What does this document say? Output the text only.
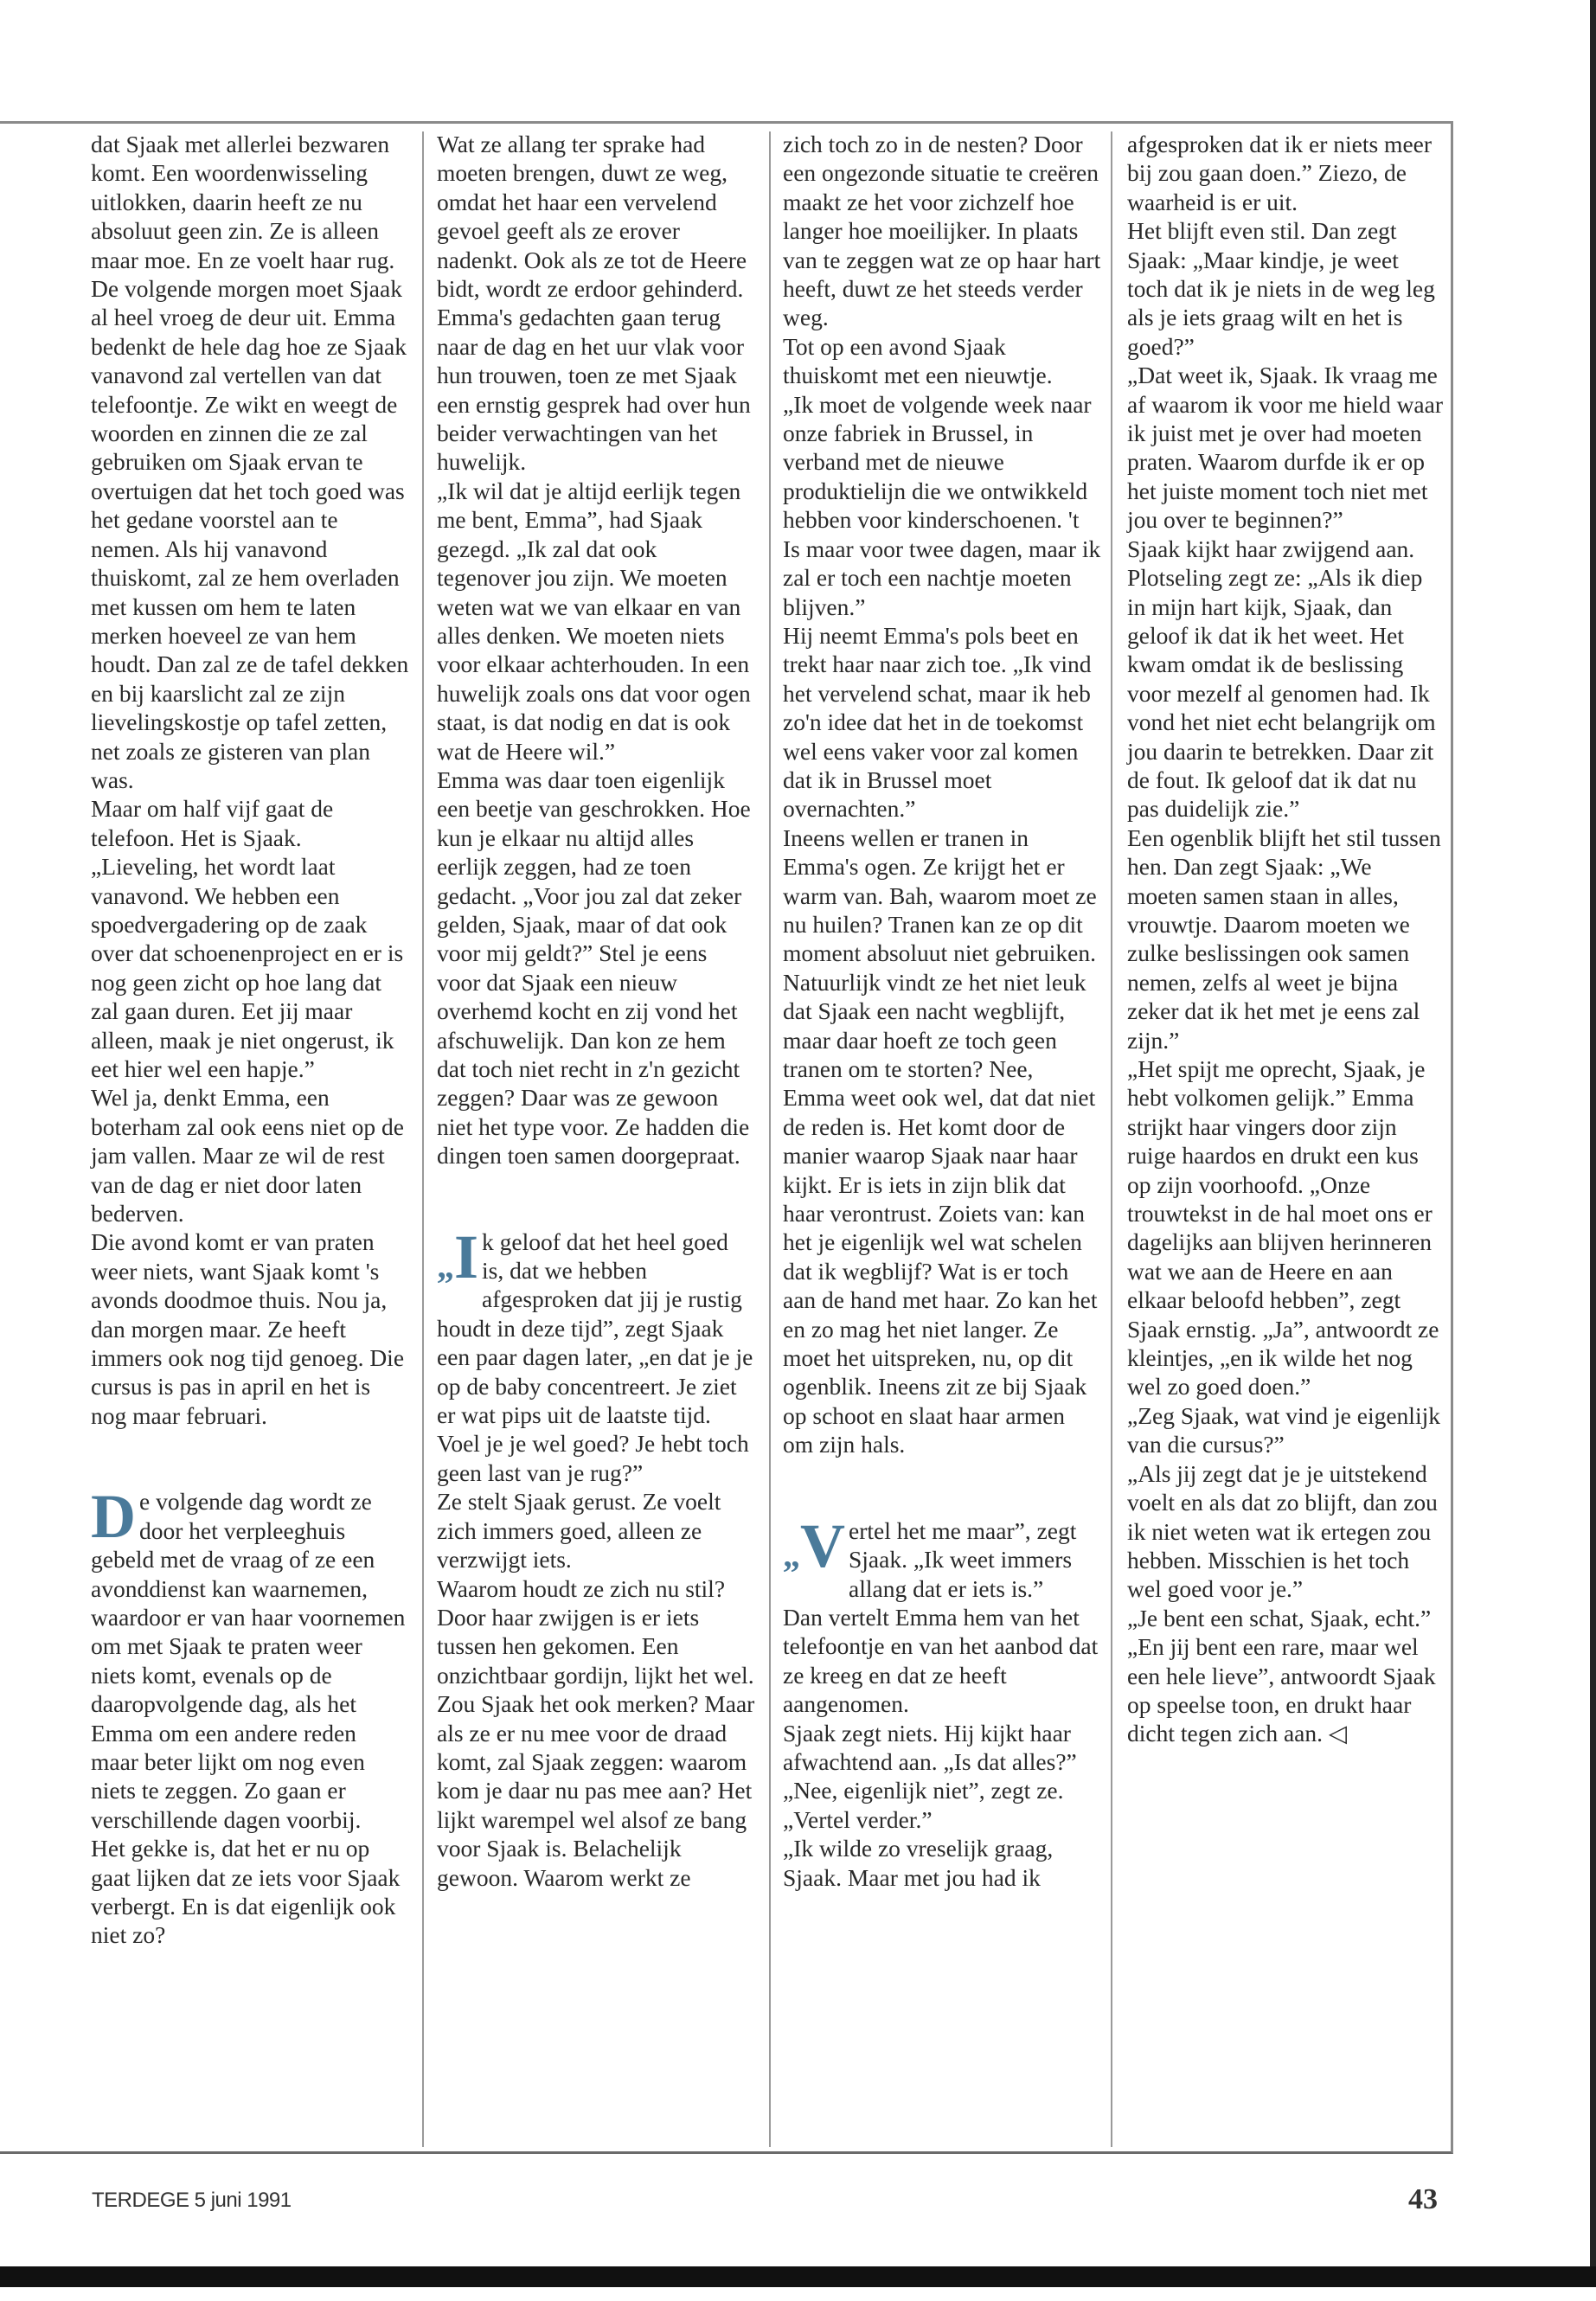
dat Sjaak met allerlei bezwaren komt. Een woordenwisseling uitlokken, daarin heeft ze nu absoluut geen zin. Ze is alleen maar moe. En ze voelt haar rug.

De volgende morgen moet Sjaak al heel vroeg de deur uit. Emma bedenkt de hele dag hoe ze Sjaak vanavond zal vertellen van dat telefoontje. Ze wikt en weegt de woorden en zinnen die ze zal gebruiken om Sjaak ervan te overtuigen dat het toch goed was het gedane voorstel aan te nemen. Als hij vanavond thuiskomt, zal ze hem overladen met kussen om hem te laten merken hoeveel ze van hem houdt. Dan zal ze de tafel dekken en bij kaarslicht zal ze zijn lievelingskostje op tafel zetten, net zoals ze gisteren van plan was.

Maar om half vijf gaat de telefoon. Het is Sjaak.

„Lieveling, het wordt laat vanavond. We hebben een spoedvergadering op de zaak over dat schoenenproject en er is nog geen zicht op hoe lang dat zal gaan duren. Eet jij maar alleen, maak je niet ongerust, ik eet hier wel een hapje.”

Wel ja, denkt Emma, een boterham zal ook eens niet op de jam vallen. Maar ze wil de rest van de dag er niet door laten bederven.

Die avond komt er van praten weer niets, want Sjaak komt 's avonds doodmoe thuis. Nou ja, dan morgen maar. Ze heeft immers ook nog tijd genoeg. Die cursus is pas in april en het is nog maar februari.

De volgende dag wordt ze door het verpleeghuis gebeld met de vraag of ze een avonddienst kan waarnemen, waardoor er van haar voornemen om met Sjaak te praten weer niets komt, evenals op de daaropvolgende dag, als het Emma om een andere reden maar beter lijkt om nog even niets te zeggen. Zo gaan er verschillende dagen voorbij.

Het gekke is, dat het er nu op gaat lijken dat ze iets voor Sjaak verbergt. En is dat eigenlijk ook niet zo?

Wat ze allang ter sprake had moeten brengen, duwt ze weg, omdat het haar een vervelend gevoel geeft als ze erover nadenkt. Ook als ze tot de Heere bidt, wordt ze erdoor gehinderd.

Emma's gedachten gaan terug naar de dag en het uur vlak voor hun trouwen, toen ze met Sjaak een ernstig gesprek had over hun beider verwachtingen van het huwelijk.

„Ik wil dat je altijd eerlijk tegen me bent, Emma”, had Sjaak gezegd. „Ik zal dat ook tegenover jou zijn. We moeten weten wat we van elkaar en van alles denken. We moeten niets voor elkaar achterhouden. In een huwelijk zoals ons dat voor ogen staat, is dat nodig en dat is ook wat de Heere wil.”

Emma was daar toen eigenlijk een beetje van geschrokken. Hoe kun je elkaar nu altijd alles eerlijk zeggen, had ze toen gedacht. „Voor jou zal dat zeker gelden, Sjaak, maar of dat ook voor mij geldt?” Stel je eens voor dat Sjaak een nieuw overhemd kocht en zij vond het afschuwelijk. Dan kon ze hem dat toch niet recht in z'n gezicht zeggen? Daar was ze gewoon niet het type voor. Ze hadden die dingen toen samen doorgepraat.

„I k geloof dat het heel goed is, dat we hebben afgesproken dat jij je rustig houdt in deze tijd”, zegt Sjaak een paar dagen later, „en dat je je op de baby concentreert. Je ziet er wat pips uit de laatste tijd. Voel je je wel goed? Je hebt toch geen last van je rug?”

Ze stelt Sjaak gerust. Ze voelt zich immers goed, alleen ze verzwijgt iets.

Waarom houdt ze zich nu stil? Door haar zwijgen is er iets tussen hen gekomen. Een onzichtbaar gordijn, lijkt het wel. Zou Sjaak het ook merken? Maar als ze er nu mee voor de draad komt, zal Sjaak zeggen: waarom kom je daar nu pas mee aan? Het lijkt warempel wel alsof ze bang voor Sjaak is. Belachelijk gewoon. Waarom werkt ze

zich toch zo in de nesten? Door een ongezonde situatie te creëren maakt ze het voor zichzelf hoe langer hoe moeilijker. In plaats van te zeggen wat ze op haar hart heeft, duwt ze het steeds verder weg.

Tot op een avond Sjaak thuiskomt met een nieuwtje.

„Ik moet de volgende week naar onze fabriek in Brussel, in verband met de nieuwe produktielijn die we ontwikkeld hebben voor kinderschoenen. 't Is maar voor twee dagen, maar ik zal er toch een nachtje moeten blijven.”

Hij neemt Emma's pols beet en trekt haar naar zich toe. „Ik vind het vervelend schat, maar ik heb zo'n idee dat het in de toekomst wel eens vaker voor zal komen dat ik in Brussel moet overnachten.”

Ineens wellen er tranen in Emma's ogen. Ze krijgt het er warm van. Bah, waarom moet ze nu huilen? Tranen kan ze op dit moment absoluut niet gebruiken. Natuurlijk vindt ze het niet leuk dat Sjaak een nacht wegblijft, maar daar hoeft ze toch geen tranen om te storten? Nee, Emma weet ook wel, dat dat niet de reden is. Het komt door de manier waarop Sjaak naar haar kijkt. Er is iets in zijn blik dat haar verontrust. Zoiets van: kan het je eigenlijk wel wat schelen dat ik wegblijf? Wat is er toch aan de hand met haar. Zo kan het en zo mag het niet langer. Ze moet het uitspreken, nu, op dit ogenblik. Ineens zit ze bij Sjaak op schoot en slaat haar armen om zijn hals.

„V ertel het me maar”, zegt Sjaak. „Ik weet immers allang dat er iets is.”

Dan vertelt Emma hem van het telefoontje en van het aanbod dat ze kreeg en dat ze heeft aangenomen.

Sjaak zegt niets. Hij kijkt haar afwachtend aan. „Is dat alles?”

„Nee, eigenlijk niet”, zegt ze.

„Vertel verder.”

„Ik wilde zo vreselijk graag, Sjaak. Maar met jou had ik

afgesproken dat ik er niets meer bij zou gaan doen.” Ziezo, de waarheid is er uit.

Het blijft even stil. Dan zegt Sjaak: „Maar kindje, je weet toch dat ik je niets in de weg leg als je iets graag wilt en het is goed?”

„Dat weet ik, Sjaak. Ik vraag me af waarom ik voor me hield waar ik juist met je over had moeten praten. Waarom durfde ik er op het juiste moment toch niet met jou over te beginnen?”

Sjaak kijkt haar zwijgend aan.

Plotseling zegt ze: „Als ik diep in mijn hart kijk, Sjaak, dan geloof ik dat ik het weet. Het kwam omdat ik de beslissing voor mezelf al genomen had. Ik vond het niet echt belangrijk om jou daarin te betrekken. Daar zit de fout. Ik geloof dat ik dat nu pas duidelijk zie.”

Een ogenblik blijft het stil tussen hen. Dan zegt Sjaak: „We moeten samen staan in alles, vrouwtje. Daarom moeten we zulke beslissingen ook samen nemen, zelfs al weet je bijna zeker dat ik het met je eens zal zijn.”

„Het spijt me oprecht, Sjaak, je hebt volkomen gelijk.” Emma strijkt haar vingers door zijn ruige haardos en drukt een kus op zijn voorhoofd. „Onze trouwtekst in de hal moet ons er dagelijks aan blijven herinneren wat we aan de Heere en aan elkaar beloofd hebben”, zegt Sjaak ernstig. „Ja”, antwoordt ze kleintjes, „en ik wilde het nog wel zo goed doen.”

„Zeg Sjaak, wat vind je eigenlijk van die cursus?”

„Als jij zegt dat je je uitstekend voelt en als dat zo blijft, dan zou ik niet weten wat ik ertegen zou hebben. Misschien is het toch wel goed voor je.”

„Je bent een schat, Sjaak, echt.”

„En jij bent een rare, maar wel een hele lieve”, antwoordt Sjaak op speelse toon, en drukt haar dicht tegen zich aan. ◁

TERDEGE 5 juni 1991	43
